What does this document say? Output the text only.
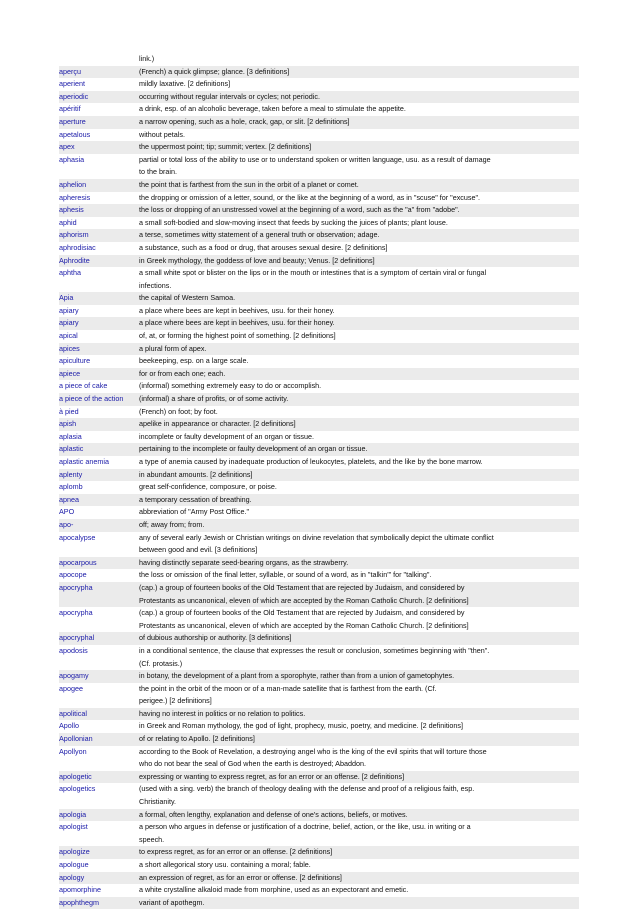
link.)
aperçu	(French) a quick glimpse; glance. [3 definitions]
aperient	mildly laxative. [2 definitions]
aperiodic	occurring without regular intervals or cycles; not periodic.
apéritif	a drink, esp. of an alcoholic beverage, taken before a meal to stimulate the appetite.
aperture	a narrow opening, such as a hole, crack, gap, or slit. [2 definitions]
apetalous	without petals.
apex	the uppermost point; tip; summit; vertex. [2 definitions]
aphasia	partial or total loss of the ability to use or to understand spoken or written language, usu. as a result of damage
to the brain.
aphelion	the point that is farthest from the sun in the orbit of a planet or comet.
apheresis	the dropping or omission of a letter, sound, or the like at the beginning of a word, as in "scuse" for "excuse".
aphesis	the loss or dropping of an unstressed vowel at the beginning of a word, such as the "a" from "adobe".
aphid	a small soft-bodied and slow-moving insect that feeds by sucking the juices of plants; plant louse.
aphorism	a terse, sometimes witty statement of a general truth or observation; adage.
aphrodisiac	a substance, such as a food or drug, that arouses sexual desire. [2 definitions]
Aphrodite	in Greek mythology, the goddess of love and beauty; Venus. [2 definitions]
aphtha	a small white spot or blister on the lips or in the mouth or intestines that is a symptom of certain viral or fungal
infections.
Apia	the capital of Western Samoa.
apiary	a place where bees are kept in beehives, usu. for their honey.
apiary	a place where bees are kept in beehives, usu. for their honey.
apical	of, at, or forming the highest point of something. [2 definitions]
apices	a plural form of apex.
apiculture	beekeeping, esp. on a large scale.
apiece	for or from each one; each.
a piece of cake	(informal) something extremely easy to do or accomplish.
a piece of the action	(informal) a share of profits, or of some activity.
à pied	(French) on foot; by foot.
apish	apelike in appearance or character. [2 definitions]
aplasia	incomplete or faulty development of an organ or tissue.
aplastic	pertaining to the incomplete or faulty development of an organ or tissue.
aplastic anemia	a type of anemia caused by inadequate production of leukocytes, platelets, and the like by the bone marrow.
aplenty	in abundant amounts. [2 definitions]
aplomb	great self-confidence, composure, or poise.
apnea	a temporary cessation of breathing.
APO	abbreviation of "Army Post Office."
apo-	off; away from; from.
apocalypse	any of several early Jewish or Christian writings on divine revelation that symbolically depict the ultimate conflict
between good and evil. [3 definitions]
apocarpous	having distinctly separate seed-bearing organs, as the strawberry.
apocope	the loss or omission of the final letter, syllable, or sound of a word, as in "talkin'" for "talking".
apocrypha	(cap.) a group of fourteen books of the Old Testament that are rejected by Judaism, and considered by
Protestants as uncanonical, eleven of which are accepted by the Roman Catholic Church. [2 definitions]
apocrypha	(cap.) a group of fourteen books of the Old Testament that are rejected by Judaism, and considered by
Protestants as uncanonical, eleven of which are accepted by the Roman Catholic Church. [2 definitions]
apocryphal	of dubious authorship or authority. [3 definitions]
apodosis	in a conditional sentence, the clause that expresses the result or conclusion, sometimes beginning with "then".
(Cf. protasis.)
apogamy	in botany, the development of a plant from a sporophyte, rather than from a union of gametophytes.
apogee	the point in the orbit of the moon or of a man-made satellite that is farthest from the earth. (Cf.
perigee.) [2 definitions]
apolitical	having no interest in politics or no relation to politics.
Apollo	in Greek and Roman mythology, the god of light, prophecy, music, poetry, and medicine. [2 definitions]
Apollonian	of or relating to Apollo. [2 definitions]
Apollyon	according to the Book of Revelation, a destroying angel who is the king of the evil spirits that will torture those
who do not bear the seal of God when the earth is destroyed; Abaddon.
apologetic	expressing or wanting to express regret, as for an error or an offense. [2 definitions]
apologetics	(used with a sing. verb) the branch of theology dealing with the defense and proof of a religious faith, esp.
Christianity.
apologia	a formal, often lengthy, explanation and defense of one's actions, beliefs, or motives.
apologist	a person who argues in defense or justification of a doctrine, belief, action, or the like, usu. in writing or a
speech.
apologize	to express regret, as for an error or an offense. [2 definitions]
apologue	a short allegorical story usu. containing a moral; fable.
apology	an expression of regret, as for an error or offense. [2 definitions]
apomorphine	a white crystalline alkaloid made from morphine, used as an expectorant and emetic.
apophthegm	variant of apothegm.
